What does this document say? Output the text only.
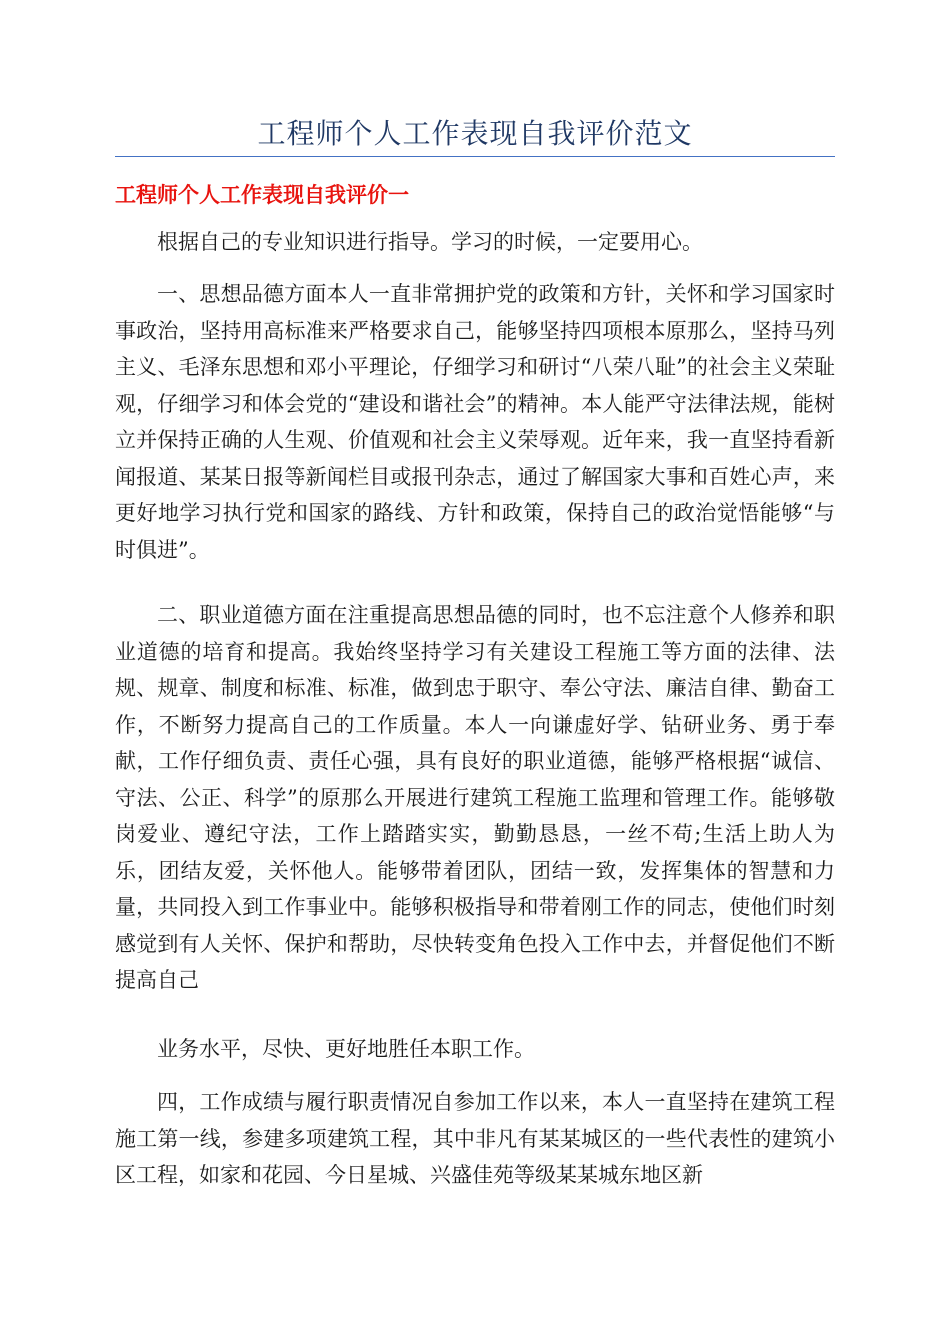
工程师个人工作表现自我评价范文
工程师个人工作表现自我评价一

根据自己的专业知识进行指导。学习的时候，一定要用心。

一、思想品德方面本人一直非常拥护党的政策和方针，关怀和学习国家时事政治，坚持用高标准来严格要求自己，能够坚持四项根本原那么，坚持马列主义、毛泽东思想和邓小平理论，仔细学习和研讨“八荣八耻”的社会主义荣耻观，仔细学习和体会党的“建设和谐社会”的精神。本人能严守法律法规，能树立并保持正确的人生观、价值观和社会主义荣辱观。近年来，我一直坚持看新闻报道、某某日报等新闻栏目或报刊杂志，通过了解国家大事和百姓心声，来更好地学习执行党和国家的路线、方针和政策，保持自己的政治觉悟能够“与时俱进”。

二、职业道德方面在注重提高思想品德的同时，也不忘注意个人修养和职业道德的培育和提高。我始终坚持学习有关建设工程施工等方面的法律、法规、规章、制度和标准、标准，做到忠于职守、奉公守法、廉洁自律、勤奋工作，不断努力提高自己的工作质量。本人一向谦虚好学、钻研业务、勇于奉献，工作仔细负责、责任心强，具有良好的职业道德，能够严格根据“诚信、守法、公正、科学”的原那么开展进行建筑工程施工监理和管理工作。能够敬岗爱业、遵纪守法，工作上踏踏实实，勤勤恳恳，一丝不苟;生活上助人为乐，团结友爱，关怀他人。能够带着团队，团结一致，发挥集体的智慧和力量，共同投入到工作事业中。能够积极指导和带着刚工作的同志，使他们时刻感觉到有人关怀、保护和帮助，尽快转变角色投入工作中去，并督促他们不断提高自己

业务水平，尽快、更好地胜任本职工作。

四，工作成绩与履行职责情况自参加工作以来，本人一直坚持在建筑工程施工第一线，参建多项建筑工程，其中非凡有某某城区的一些代表性的建筑小区工程，如家和花园、今日星城、兴盛佳苑等级某某城东地区新
